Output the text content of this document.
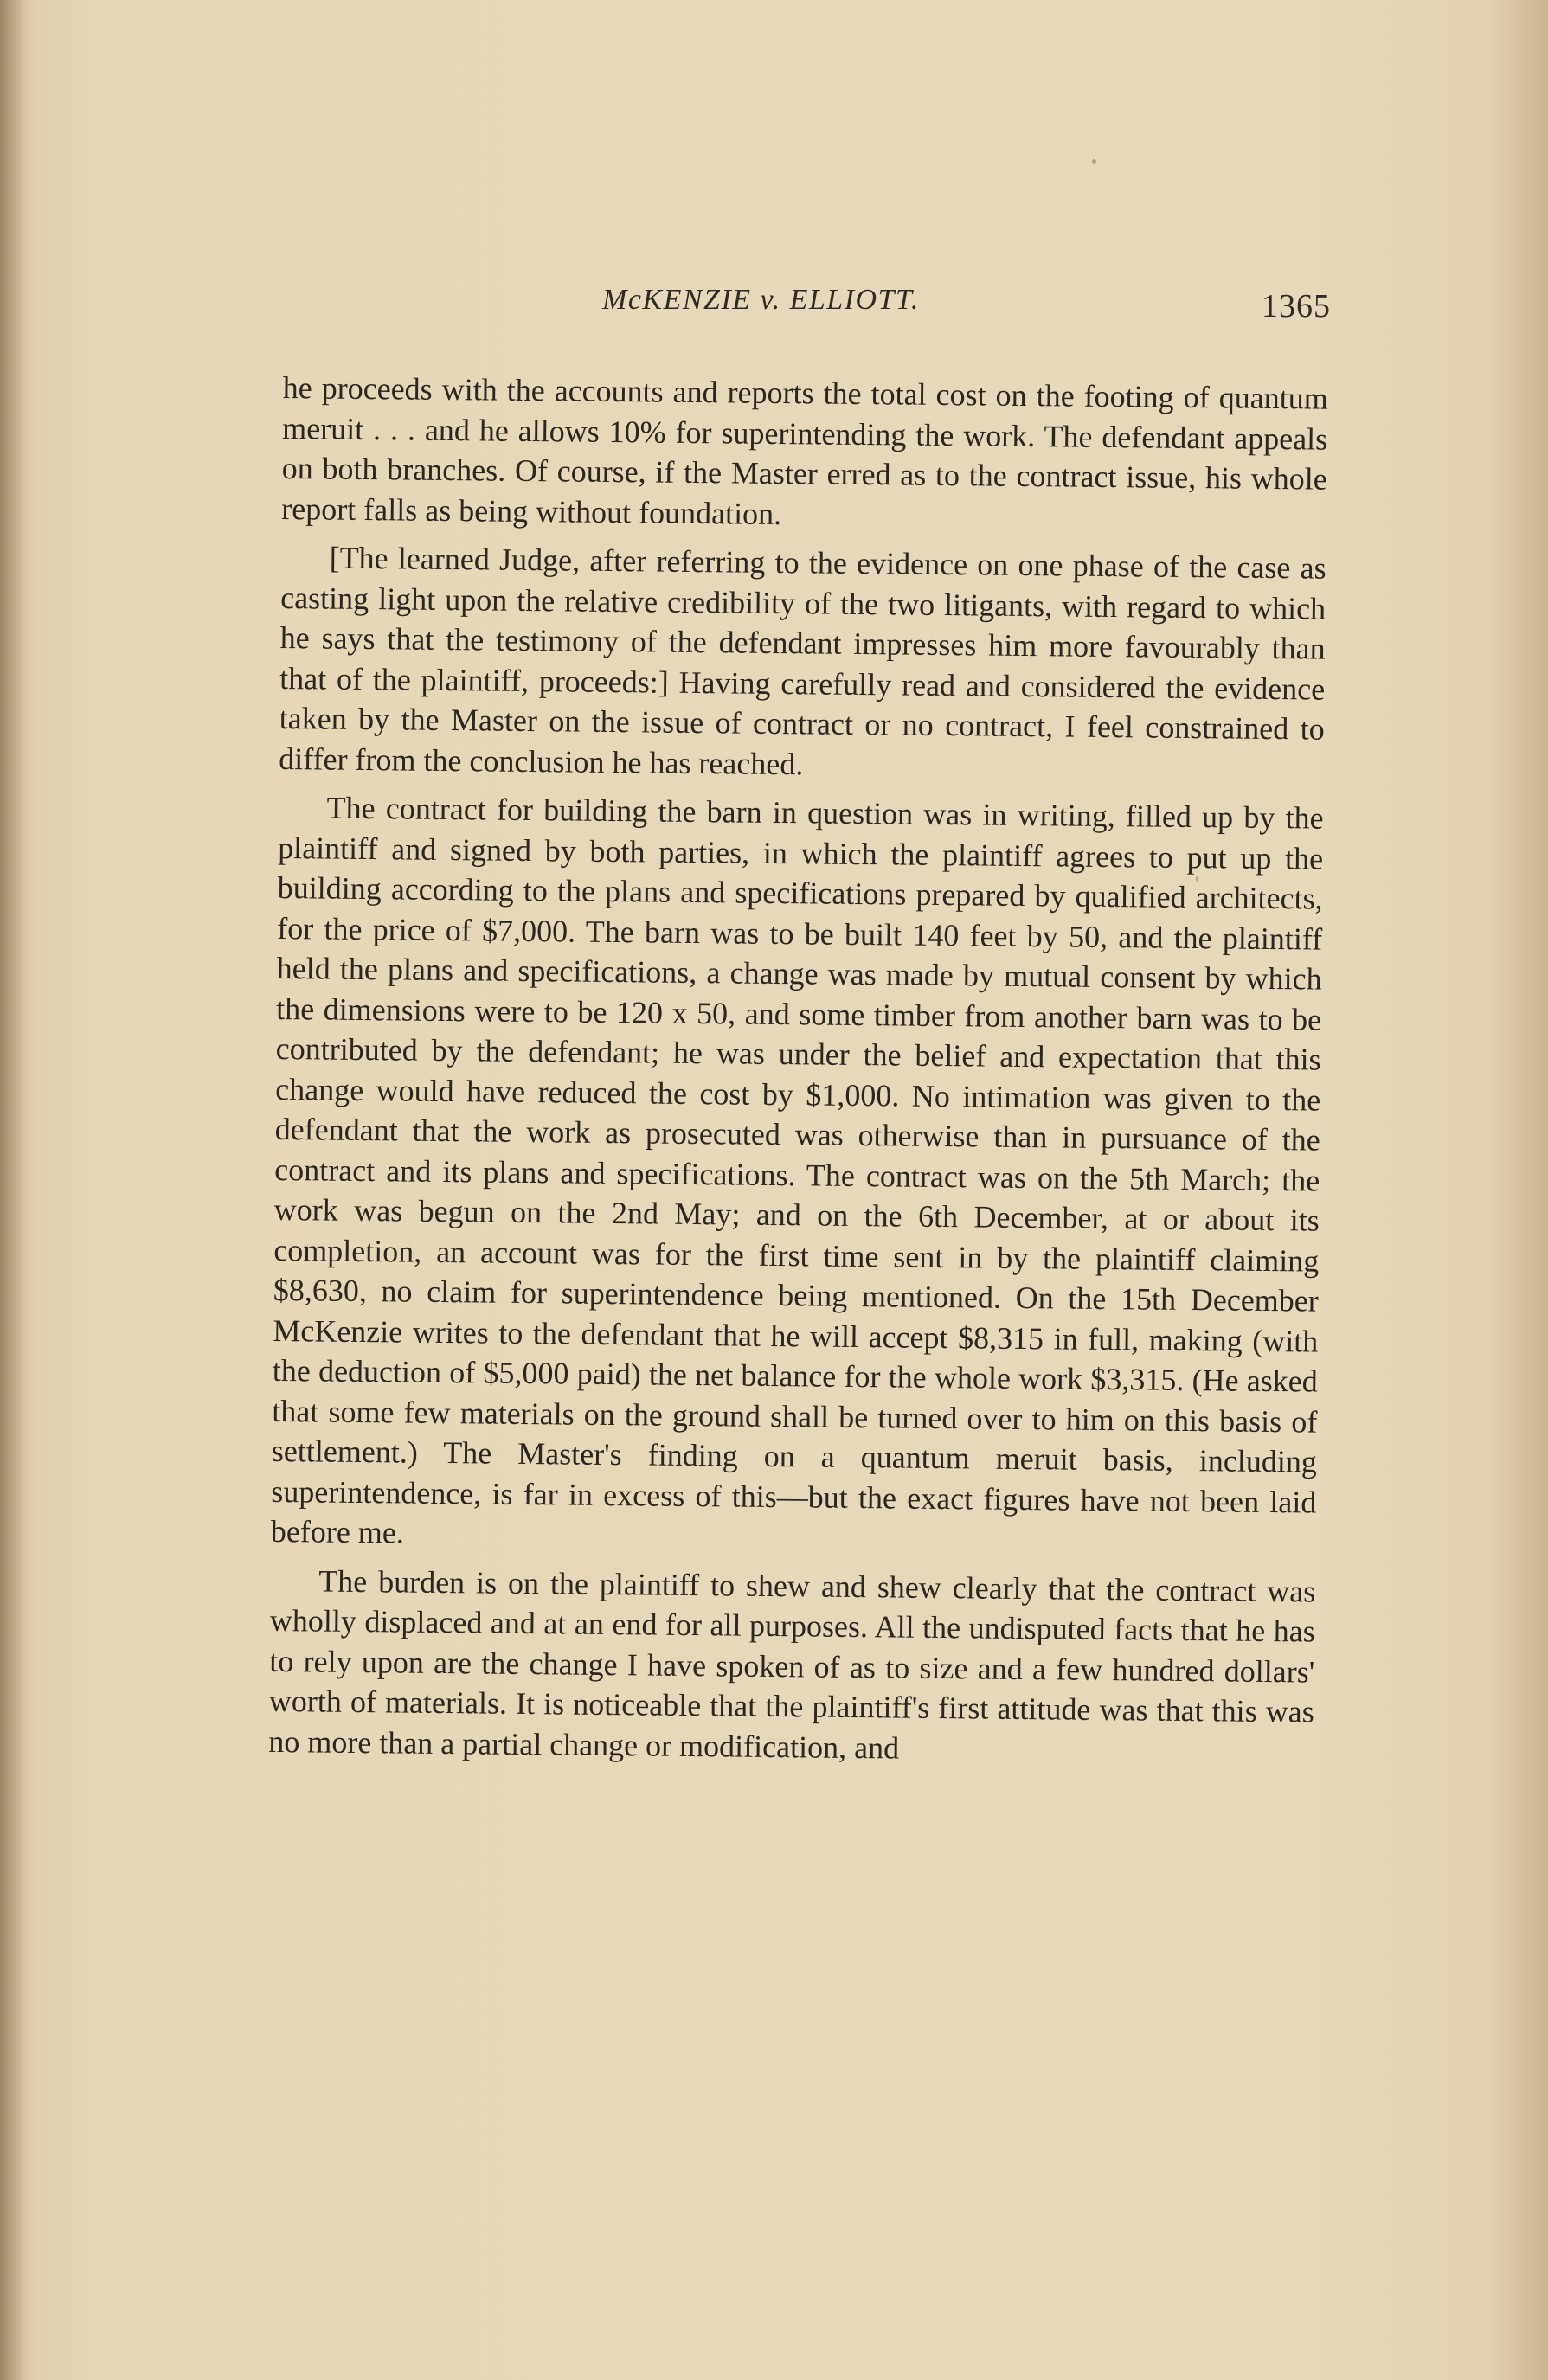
McKENZIE v. ELLIOTT.	1365

he proceeds with the accounts and reports the total cost on the footing of quantum meruit . . . and he allows 10% for superintending the work. The defendant appeals on both branches. Of course, if the Master erred as to the contract issue, his whole report falls as being without foundation.

[The learned Judge, after referring to the evidence on one phase of the case as casting light upon the relative credibility of the two litigants, with regard to which he says that the testimony of the defendant impresses him more favourably than that of the plaintiff, proceeds:] Having carefully read and considered the evidence taken by the Master on the issue of contract or no contract, I feel constrained to differ from the conclusion he has reached.

The contract for building the barn in question was in writing, filled up by the plaintiff and signed by both parties, in which the plaintiff agrees to put up the building according to the plans and specifications prepared by qualified architects, for the price of $7,000. The barn was to be built 140 feet by 50, and the plaintiff held the plans and specifications, a change was made by mutual consent by which the dimensions were to be 120 x 50, and some timber from another barn was to be contributed by the defendant; he was under the belief and expectation that this change would have reduced the cost by $1,000. No intimation was given to the defendant that the work as prosecuted was otherwise than in pursuance of the contract and its plans and specifications. The contract was on the 5th March; the work was begun on the 2nd May; and on the 6th December, at or about its completion, an account was for the first time sent in by the plaintiff claiming $8,630, no claim for superintendence being mentioned. On the 15th December McKenzie writes to the defendant that he will accept $8,315 in full, making (with the deduction of $5,000 paid) the net balance for the whole work $3,315. (He asked that some few materials on the ground shall be turned over to him on this basis of settlement.) The Master's finding on a quantum meruit basis, including superintendence, is far in excess of this—but the exact figures have not been laid before me.

The burden is on the plaintiff to shew and shew clearly that the contract was wholly displaced and at an end for all purposes. All the undisputed facts that he has to rely upon are the change I have spoken of as to size and a few hundred dollars' worth of materials. It is noticeable that the plaintiff's first attitude was that this was no more than a partial change or modification, and
